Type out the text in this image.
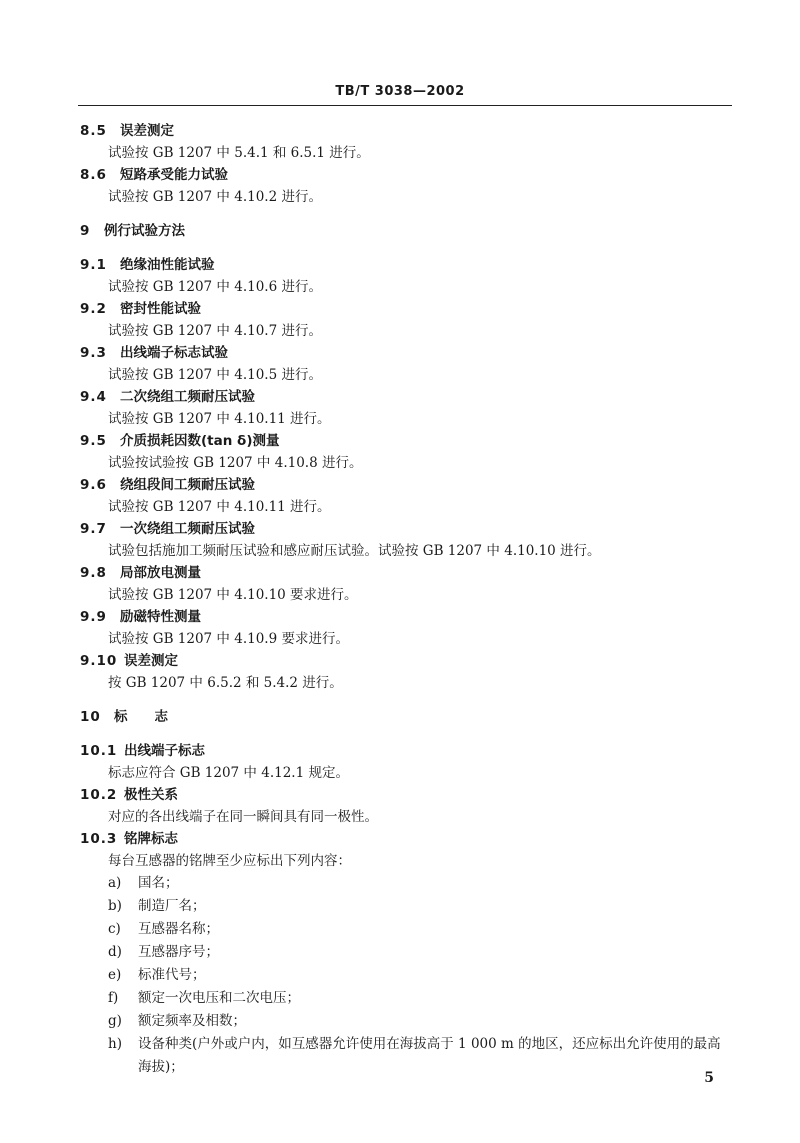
TB/T 3038—2002
8.5 误差测定
试验按 GB 1207 中 5.4.1 和 6.5.1 进行。
8.6 短路承受能力试验
试验按 GB 1207 中 4.10.2 进行。
9 例行试验方法
9.1 绝缘油性能试验
试验按 GB 1207 中 4.10.6 进行。
9.2 密封性能试验
试验按 GB 1207 中 4.10.7 进行。
9.3 出线端子标志试验
试验按 GB 1207 中 4.10.5 进行。
9.4 二次绕组工频耐压试验
试验按 GB 1207 中 4.10.11 进行。
9.5 介质损耗因数(tan δ)测量
试验按试验按 GB 1207 中 4.10.8 进行。
9.6 绕组段间工频耐压试验
试验按 GB 1207 中 4.10.11 进行。
9.7 一次绕组工频耐压试验
试验包括施加工频耐压试验和感应耐压试验。试验按 GB 1207 中 4.10.10 进行。
9.8 局部放电测量
试验按 GB 1207 中 4.10.10 要求进行。
9.9 励磁特性测量
试验按 GB 1207 中 4.10.9 要求进行。
9.10 误差测定
按 GB 1207 中 6.5.2 和 5.4.2 进行。
10 标　　志
10.1 出线端子标志
标志应符合 GB 1207 中 4.12.1 规定。
10.2 极性关系
对应的各出线端子在同一瞬间具有同一极性。
10.3 铭牌标志
每台互感器的铭牌至少应标出下列内容：
a)	国名；
b)	制造厂名；
c)	互感器名称；
d)	互感器序号；
e)	标准代号；
f)	额定一次电压和二次电压；
g)	额定频率及相数；
h)	设备种类(户外或户内，如互感器允许使用在海拔高于 1 000 m 的地区，还应标出允许使用的最高海拔)；
5
